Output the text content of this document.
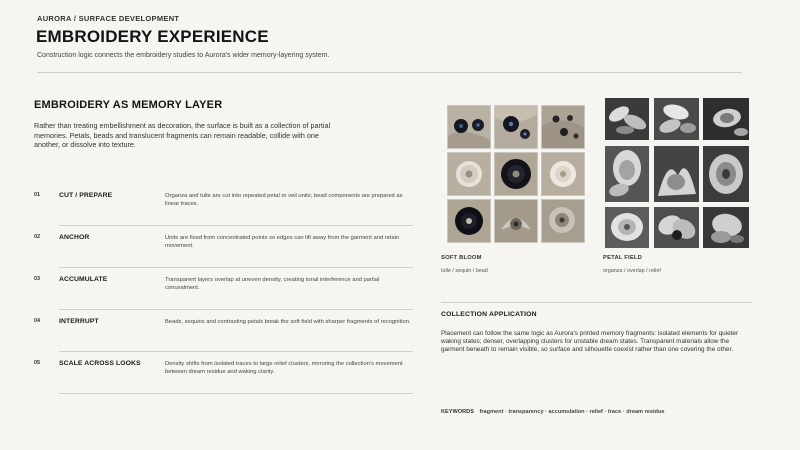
AURORA / SURFACE DEVELOPMENT
EMBROIDERY EXPERIENCE
Construction logic connects the embroidery studies to Aurora's wider memory-layering system.
EMBROIDERY AS MEMORY LAYER
Rather than treating embellishment as decoration, the surface is built as a collection of partial memories. Petals, beads and translucent fragments can remain readable, collide with one another, or dissolve into texture.
01	CUT / PREPARE	Organza and tulle are cut into repeated petal or veil units; bead components are prepared as linear traces.
02	ANCHOR	Units are fixed from concentrated points so edges can lift away from the garment and retain movement.
03	ACCUMULATE	Transparent layers overlap at uneven density, creating tonal interference and partial concealment.
04	INTERRUPT	Beads, sequins and contrasting petals break the soft field with sharper fragments of recognition.
05	SCALE ACROSS LOOKS	Density shifts from isolated traces to large relief clusters, mirroring the collection's movement between dream residue and waking clarity.
SOFT BLOOM
tulle / sequin / bead
PETAL FIELD
organza / overlap / relief
COLLECTION APPLICATION
Placement can follow the same logic as Aurora's printed memory fragments: isolated elements for quieter waking states; denser, overlapping clusters for unstable dream states. Transparent materials allow the garment beneath to remain visible, so surface and silhouette coexist rather than one covering the other.
KEYWORDS fragment · transparency · accumulation · relief · trace · dream residue
